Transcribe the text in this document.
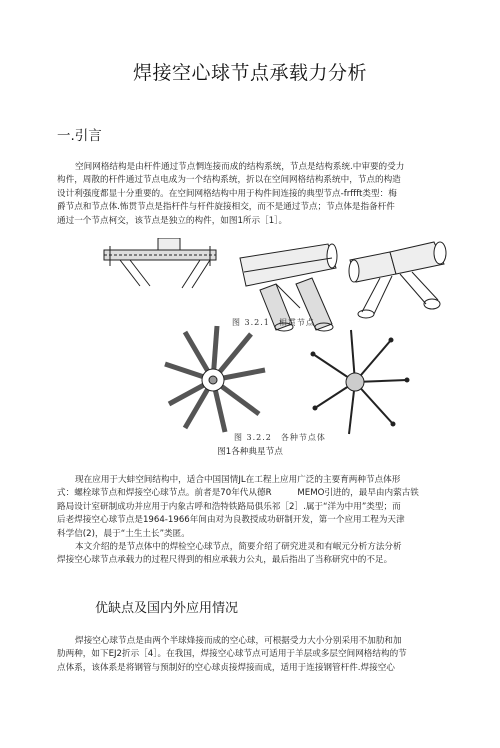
焊接空心球节点承载力分析
一.引言

空间网格结构是由杆件通过节点惘连接而成的结构系统，节点是结构系统.中审要的受力

构件，周散的杆件通过节点电成为一个结构系统，折以在空间网格结构系统中，节点的构造

设计利强度都显十分重要的。在空间网格结构中用于构件间连接的典型节点-frffft类型：梅

爵节点和节点体.怖贯节点是指杆件与杆件旋接相交，而不是通过节点；节点体是指备杆件

通过一个节点柯交，该节点是独立的构件，如图1所示［1］。

图 3.2.1　相贯节点
图 3.2.2　各种节点体
图1各种典星节点

现在应用于大蚌空间结构中，适合中国国情JL在工程上应用广泛的主要育两种节点体形

式：螺栓球节点和焊接空心球节点。前者是70年代从德R　　　MEMO引进的，最早由内萦古铁

路局设计室研制成功并应用于内象古呼和浩特铁路局俱乐祁［2］.属于“洋为中用”类型；而

后老焊接空心球节点是1964-1966年间由对为良教授成功研制开发，第一个应用工程为天津

科学信(2)，晨于“土生土长”类匿。

本文介绍的是节点体中的焊检空心球节点，简要介绍了研究进灵和有岷元分析方法分析

焊接空心球节点承载力的过程尺得到的相应承载力公丸，最后指出了当称研究中的不足。

优缺点及国内外应用情况

焊接空心球节点是由两个半球烽接而成的空心球，可根据受力大小分别采用不加肋和加

肋两种，如下EJ2折示［4］。在我国，焊接空心球节点可适用于羊层或多层空间网格结构的节

点体系，该体系是将钢管与预制好的空心球贞接焊接而成，适用于连接钢管杆件.焊接空心
